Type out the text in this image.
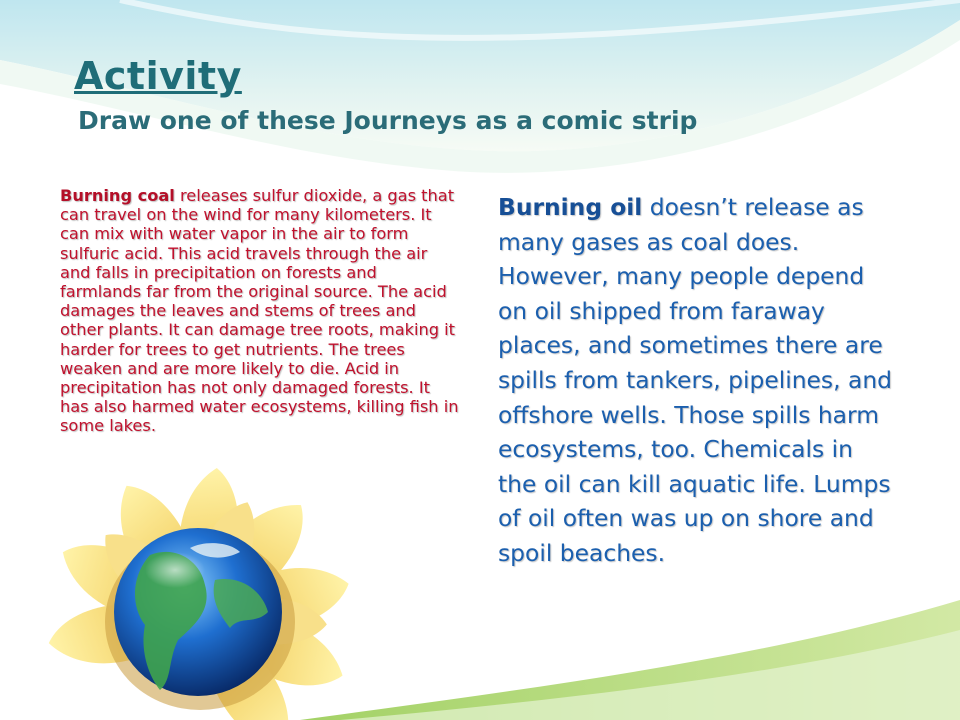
Activity
Draw one of these Journeys as a comic strip

Burning coal releases sulfur dioxide, a gas that can travel on the wind for many kilometers. It can mix with water vapor in the air to form sulfuric acid. This acid travels through the air and falls in precipitation on forests and farmlands far from the original source. The acid damages the leaves and stems of trees and other plants. It can damage tree roots, making it harder for trees to get nutrients. The trees weaken and are more likely to die. Acid in precipitation has not only damaged forests. It has also harmed water ecosystems, killing fish in some lakes.

Burning oil doesn’t release as many gases as coal does. However, many people depend on oil shipped from faraway places, and sometimes there are spills from tankers, pipelines, and offshore wells. Those spills harm ecosystems, too. Chemicals in the oil can kill aquatic life. Lumps of oil often was up on shore and spoil beaches.
